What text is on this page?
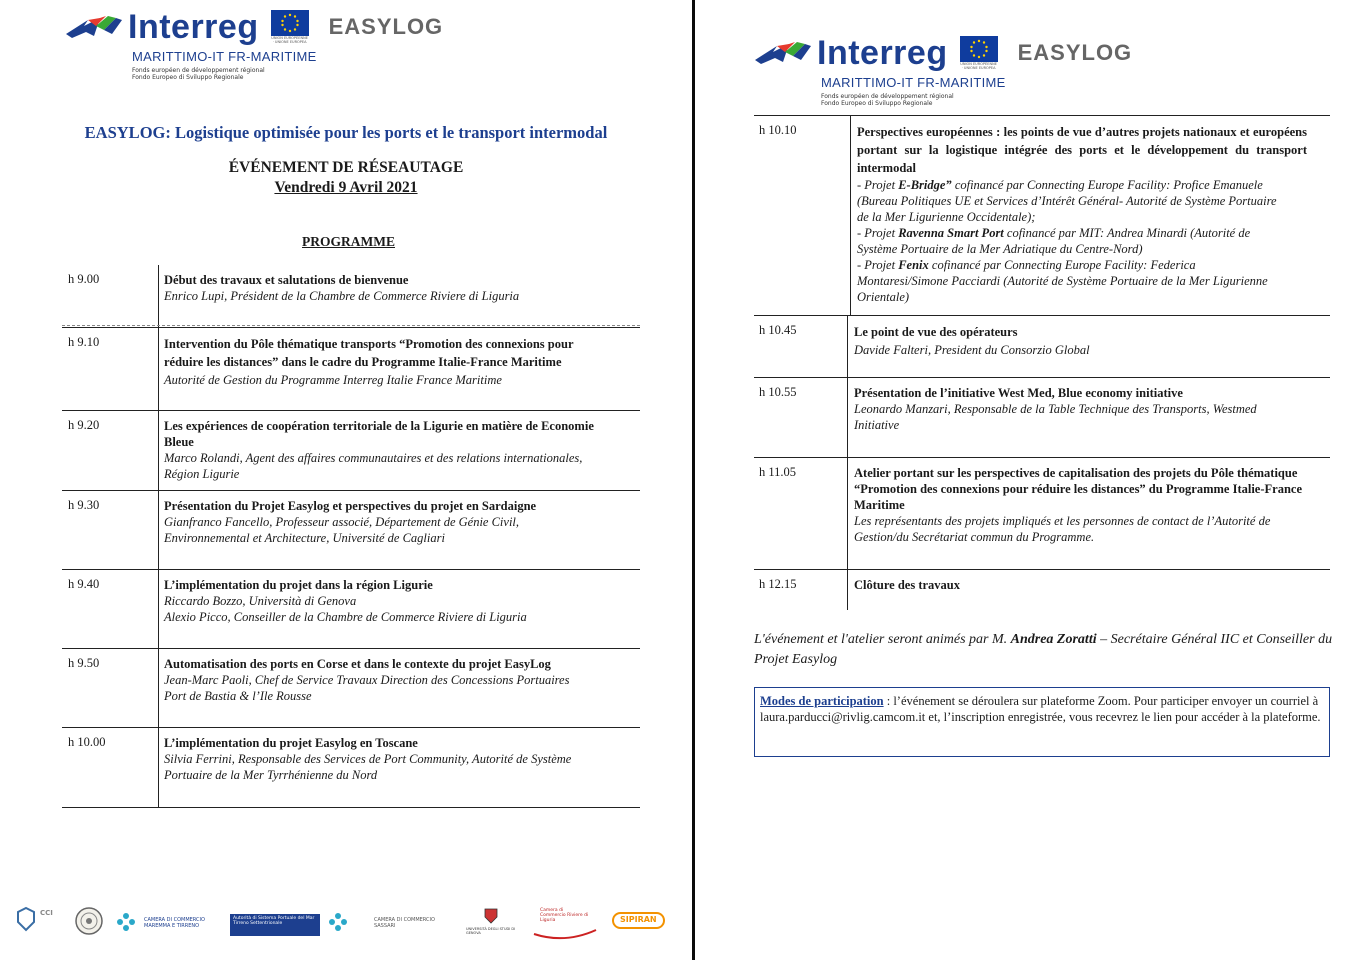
Interreg	UNION EUROPÉENNE · UNIONE EUROPEA
EASYLOG
MARITTIMO-IT FR-MARITIME
Fonds européen de développement régional
Fondo Europeo di Sviluppo Regionale
EASYLOG: Logistique optimisée pour les ports et le transport intermodal
ÉVÉNEMENT DE RÉSEAUTAGE
Vendredi 9 Avril 2021
PROGRAMME
h 9.00	Début des travaux et salutations de bienvenue
Enrico Lupi, Président de la Chambre de Commerce Riviere di Liguria
h 9.10	Intervention du Pôle thématique transports “Promotion des connexions pour réduire les distances” dans le cadre du Programme Italie-France Maritime
Autorité de Gestion du Programme Interreg Italie France Maritime
h 9.20	Les expériences de coopération territoriale de la Ligurie en matière de Economie Bleue
Marco Rolandi, Agent des affaires communautaires et des relations internationales, Région Ligurie
h 9.30	Présentation du Projet Easylog et perspectives du projet en Sardaigne
Gianfranco Fancello, Professeur associé, Département de Génie Civil, Environnemental et Architecture, Université de Cagliari
h 9.40	L’implémentation du projet dans la région Ligurie
Riccardo Bozzo, Università di Genova
Alexio Picco, Conseiller de la Chambre de Commerce Riviere di Liguria
h 9.50	Automatisation des ports en Corse et dans le contexte du projet EasyLog
Jean-Marc Paoli, Chef de Service Travaux Direction des Concessions Portuaires Port de Bastia & l’Ile Rousse
h 10.00	L’implémentation du projet Easylog en Toscane
Silvia Ferrini, Responsable des Services de Port Community, Autorité de Système Portuaire de la Mer Tyrrhénienne du Nord
CCI
CAMERA DI COMMERCIO MAREMMA E TIRRENO
Autorità di Sistema Portuale del Mar Tirreno Settentrionale
CAMERA DI COMMERCIO SASSARI
UNIVERSITÀ DEGLI STUDI DI GENOVA
Camera di Commercio Riviere di Liguria	SIPIRAN
Interreg	UNION EUROPÉENNE · UNIONE EUROPEA
EASYLOG
MARITTIMO-IT FR-MARITIME
Fonds européen de développement régional
Fondo Europeo di Sviluppo Regionale
h 10.10	Perspectives européennes : les points de vue d’autres projets nationaux et européens portant sur la logistique intégrée des ports et le développement du transport intermodal
- Projet E-Bridge” cofinancé par Connecting Europe Facility: Profice Emanuele (Bureau Politiques UE et Services d’Intérêt Général- Autorité de Système Portuaire de la Mer Ligurienne Occidentale);
- Projet Ravenna Smart Port cofinancé par MIT: Andrea Minardi (Autorité de Système Portuaire de la Mer Adriatique du Centre-Nord)
- Projet Fenix cofinancé par Connecting Europe Facility: Federica Montaresi/Simone Pacciardi (Autorité de Système Portuaire de la Mer Ligurienne Orientale)
h 10.45	Le point de vue des opérateurs
Davide Falteri, President du Consorzio Global
h 10.55	Présentation de l’initiative West Med, Blue economy initiative
Leonardo Manzari, Responsable de la Table Technique des Transports, Westmed Initiative
h 11.05	Atelier portant sur les perspectives de capitalisation des projets du Pôle thématique “Promotion des connexions pour réduire les distances” du Programme Italie-France Maritime
Les représentants des projets impliqués et les personnes de contact de l’Autorité de Gestion/du Secrétariat commun du Programme.
h 12.15	Clôture des travaux
L'événement et l'atelier seront animés par M. Andrea Zoratti – Secrétaire Général IIC et Conseiller du Projet Easylog
Modes de participation : l’événement se déroulera sur plateforme Zoom. Pour participer envoyer un courriel à laura.parducci@rivlig.camcom.it et, l’inscription enregistrée, vous recevrez le lien pour accéder à la plateforme.
